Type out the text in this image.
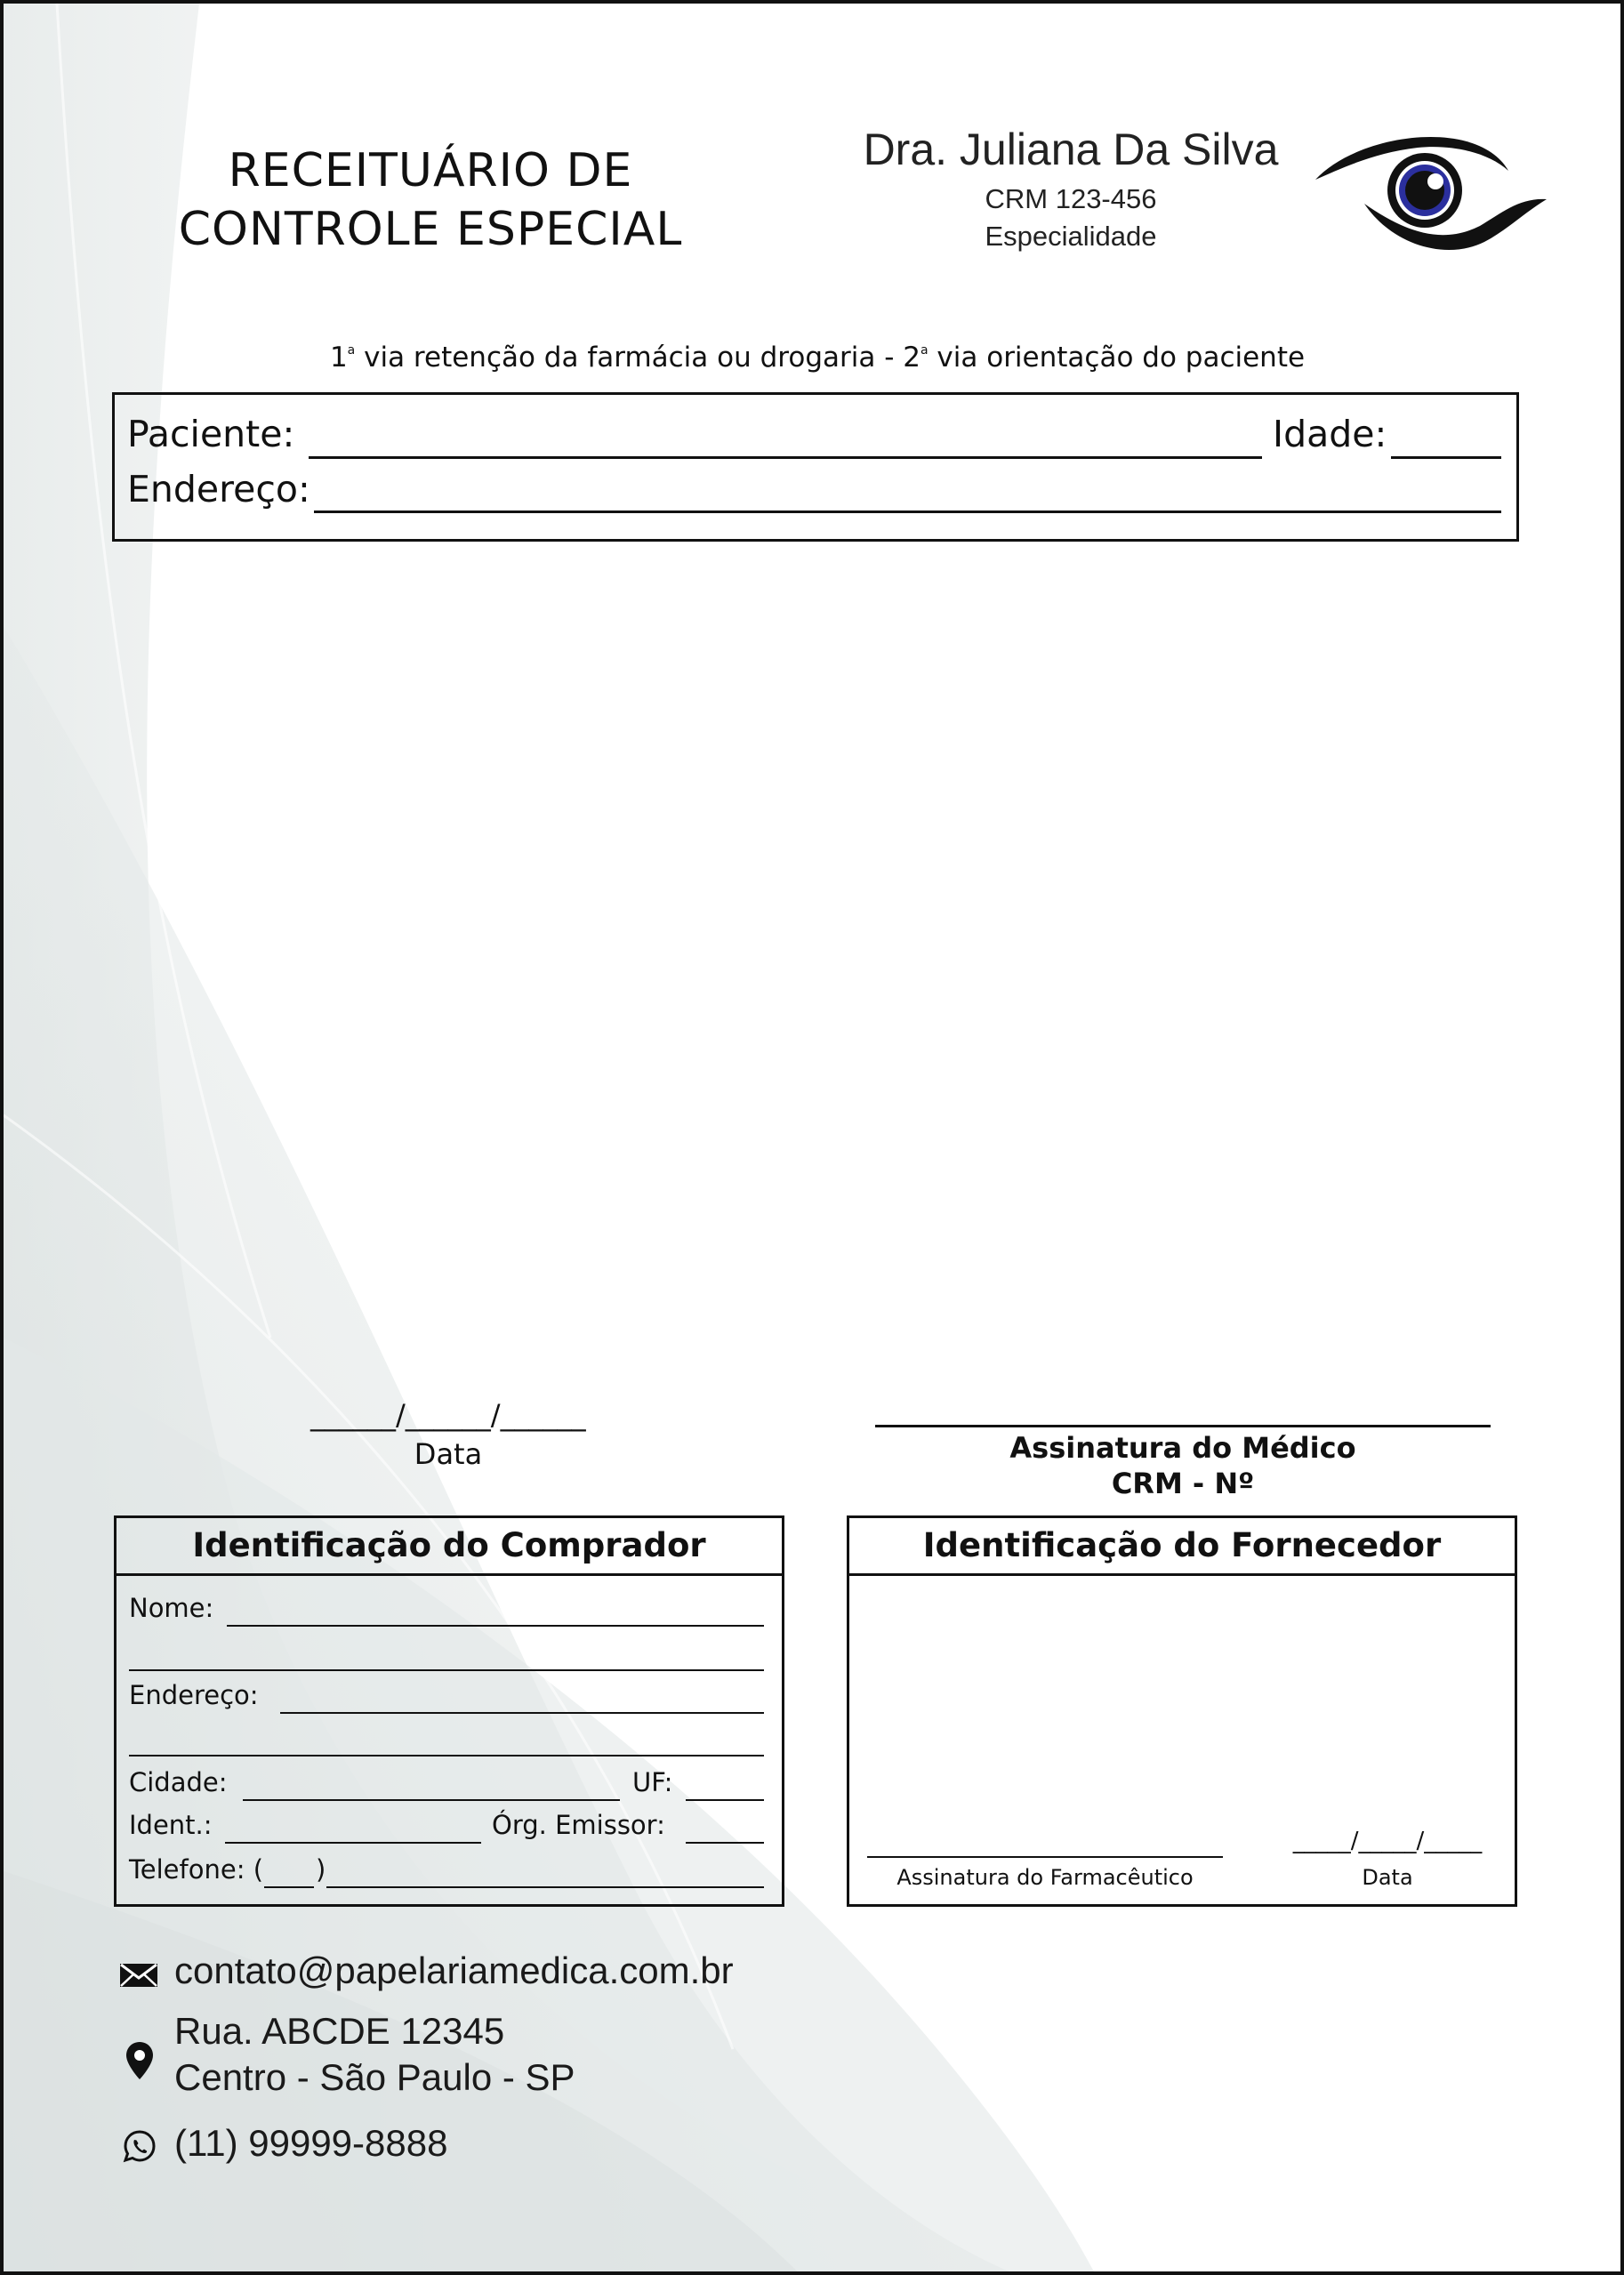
RECEITUÁRIO DE
CONTROLE ESPECIAL
Dra. Juliana Da Silva
CRM 123-456
Especialidade
1$^a$ via retenção da farmácia ou drogaria - 2$^a$ via orientação do paciente
Paciente:	Idade:
Endereço:
______/______/______
Data	Assinatura do Médico
CRM - Nº
Identificação do Comprador
Nome:
Endereço:
Cidade:	UF:
Ident.:	Órg. Emissor:
Telefone: ( )
Identificação do Fornecedor
Assinatura do Farmacêutico
_____/_____/_____
Data
contato@papelariamedica.com.br
Rua. ABCDE 12345
Centro - São Paulo - SP
(11) 99999-8888
